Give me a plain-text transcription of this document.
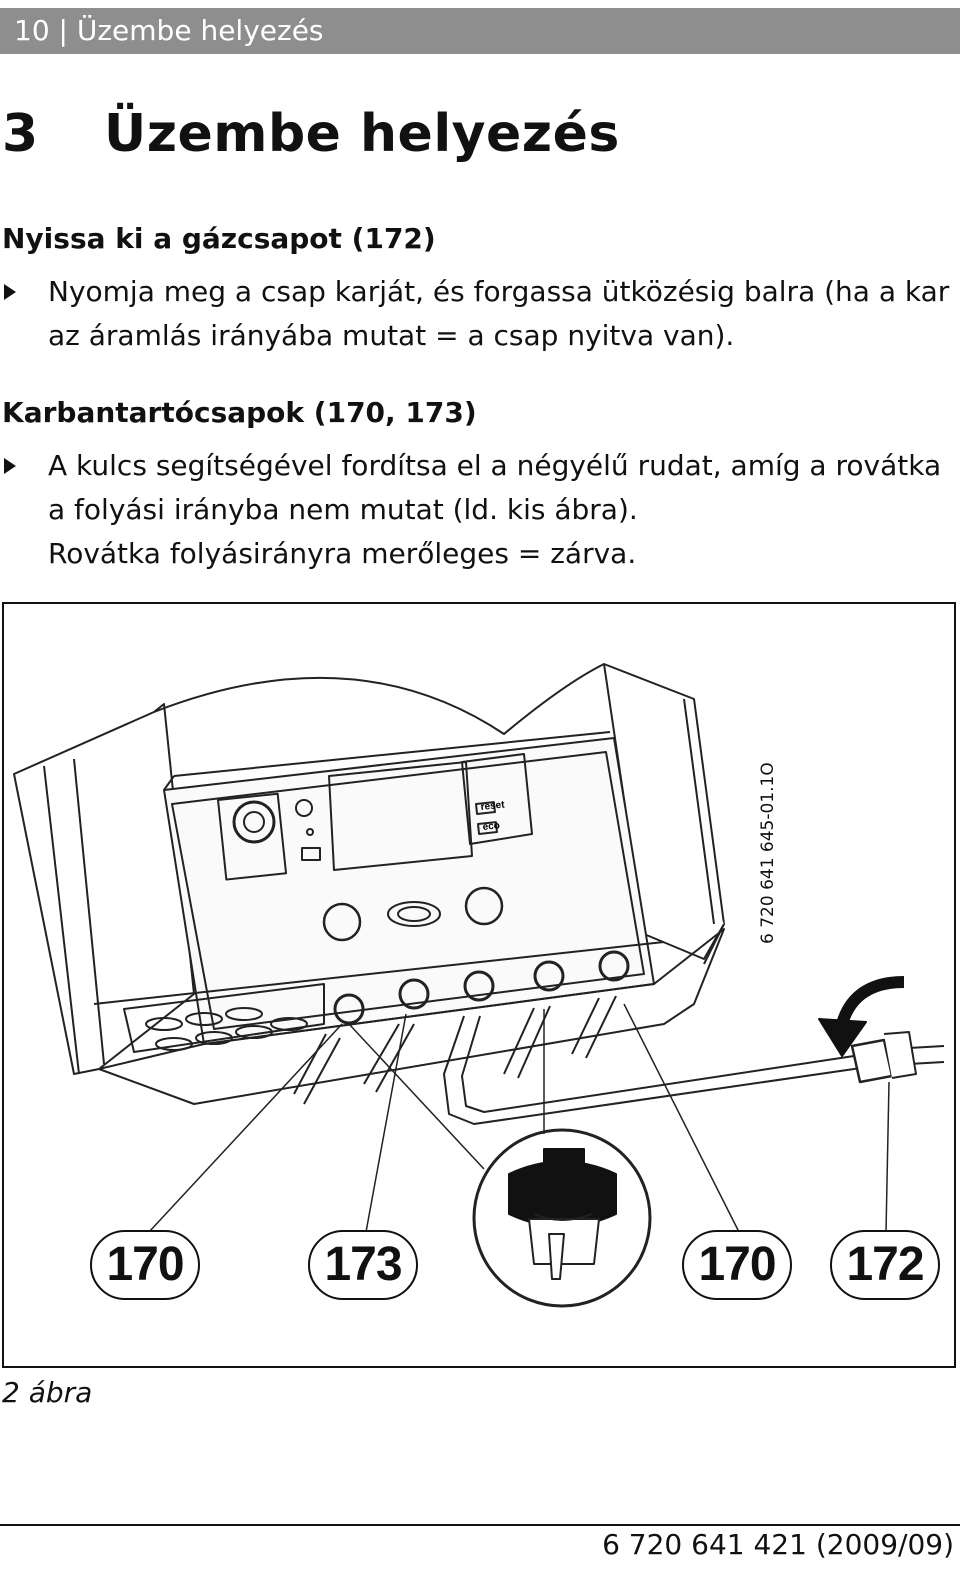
10 | Üzembe helyezés
3 Üzembe helyezés
Nyissa ki a gázcsapot (172)
Nyomja meg a csap karját, és forgassa ütközésig balra (ha a kar
az áramlás irányába mutat = a csap nyitva van).
Karbantartócsapok (170, 173)
A kulcs segítségével fordítsa el a négyélű rudat, amíg a rovátka
a folyási irányba nem mutat (ld. kis ábra).
Rovátka folyásirányra merőleges = zárva.
reset
eco	6 720 641 645-01.1O
170	173	170	172
2 ábra
6 720 641 421 (2009/09)
